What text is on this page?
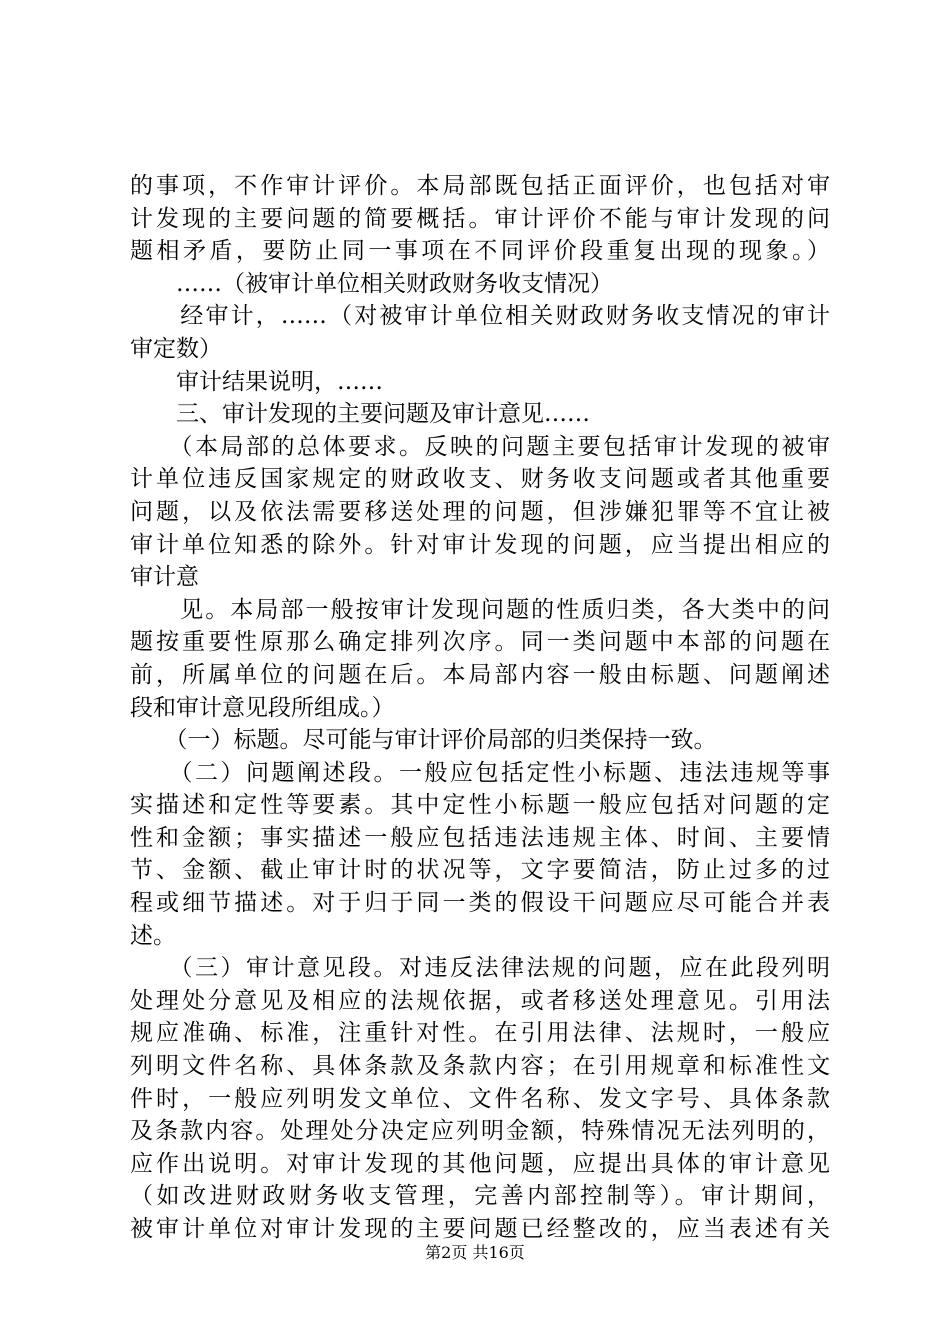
的事项，不作审计评价。本局部既包括正面评价，也包括对审
计发现的主要问题的简要概括。审计评价不能与审计发现的问
题相矛盾，要防止同一事项在不同评价段重复出现的现象。）
　　……（被审计单位相关财政财务收支情况）
　　经审计，……（对被审计单位相关财政财务收支情况的审计
审定数）
　　审计结果说明，……
　　三、审计发现的主要问题及审计意见……
　　（本局部的总体要求。反映的问题主要包括审计发现的被审
计单位违反国家规定的财政收支、财务收支问题或者其他重要
问题，以及依法需要移送处理的问题，但涉嫌犯罪等不宜让被
审计单位知悉的除外。针对审计发现的问题，应当提出相应的
审计意
　　见。本局部一般按审计发现问题的性质归类，各大类中的问
题按重要性原那么确定排列次序。同一类问题中本部的问题在
前，所属单位的问题在后。本局部内容一般由标题、问题阐述
段和审计意见段所组成。）
　　（一）标题。尽可能与审计评价局部的归类保持一致。
　　（二）问题阐述段。一般应包括定性小标题、违法违规等事
实描述和定性等要素。其中定性小标题一般应包括对问题的定
性和金额；事实描述一般应包括违法违规主体、时间、主要情
节、金额、截止审计时的状况等，文字要简洁，防止过多的过
程或细节描述。对于归于同一类的假设干问题应尽可能合并表
述。
　　（三）审计意见段。对违反法律法规的问题，应在此段列明
处理处分意见及相应的法规依据，或者移送处理意见。引用法
规应准确、标准，注重针对性。在引用法律、法规时，一般应
列明文件名称、具体条款及条款内容；在引用规章和标准性文
件时，一般应列明发文单位、文件名称、发文字号、具体条款
及条款内容。处理处分决定应列明金额，特殊情况无法列明的，
应作出说明。对审计发现的其他问题，应提出具体的审计意见
（如改进财政财务收支管理，完善内部控制等）。审计期间，
被审计单位对审计发现的主要问题已经整改的，应当表述有关
第2页 共16页
